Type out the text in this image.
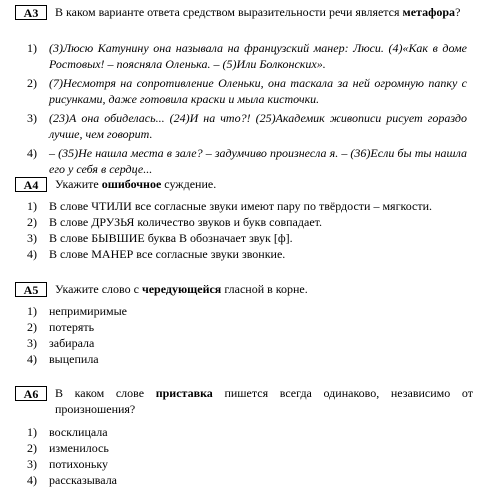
A3	В каком варианте ответа средством выразительности речи является метафора?
1)	(3)Люсю Катунину она называла на французский манер: Люси. (4)«Как в доме Ростовых! – поясняла Оленька. – (5)Или Болконских».
2)	(7)Несмотря на сопротивление Оленьки, она таскала за ней огромную папку с рисунками, даже готовила краски и мыла кисточки.
3)	(23)А она обиделась... (24)И на что?! (25)Академик живописи рисует гораздо лучше, чем говорит.
4)	– (35)Не нашла места в зале? – задумчиво произнесла я. – (36)Если бы ты нашла его у себя в сердце...
A4	Укажите ошибочное суждение.
1)	В слове ЧТИЛИ все согласные звуки имеют пару по твёрдости – мягкости.
2)	В слове ДРУЗЬЯ количество звуков и букв совпадает.
3)	В слове БЫВШИЕ буква В обозначает звук [ф].
4)	В слове МАНЕР все согласные звуки звонкие.
A5	Укажите слово с чередующейся гласной в корне.
1)	непримиримые
2)	потерять
3)	забирала
4)	выцепила
A6	В каком слове приставка пишется всегда одинаково, независимо от произношения?
1)	восклицала
2)	изменилось
3)	потихоньку
4)	рассказывала
